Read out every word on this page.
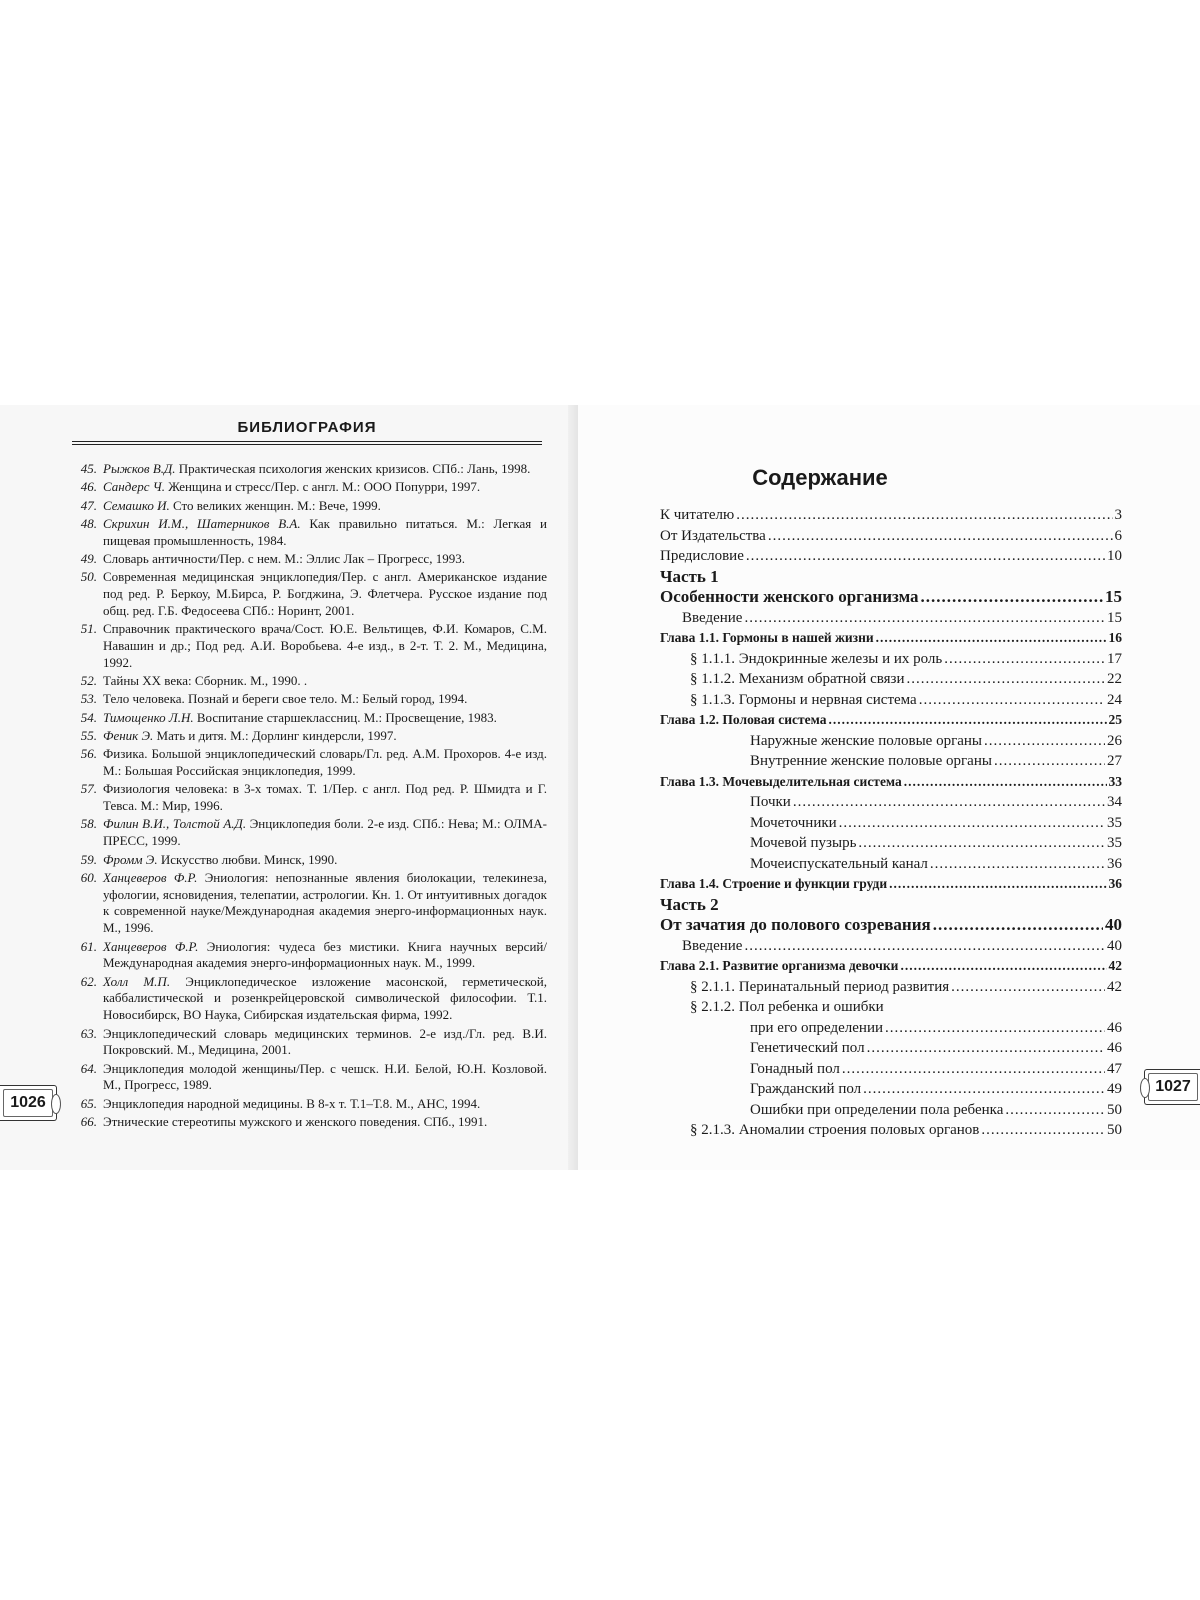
БИБЛИОГРАФИЯ
45. Рыжков В.Д. Практическая психология женских кризисов. СПб.: Лань, 1998.
46. Сандерс Ч. Женщина и стресс/Пер. с англ. М.: ООО Попурри, 1997.
47. Семашко И. Сто великих женщин. М.: Вече, 1999.
48. Скрихин И.М., Шатерников В.А. Как правильно питаться. М.: Легкая и пищевая промышленность, 1984.
49. Словарь античности/Пер. с нем. М.: Эллис Лак – Прогресс, 1993.
50. Современная медицинская энциклопедия/Пер. с англ. Американское издание под ред. Р. Беркоу, М.Бирса, Р. Богджина, Э. Флетчера. Русское издание под общ. ред. Г.Б. Федосеева СПб.: Норинт, 2001.
51. Справочник практического врача/Сост. Ю.Е. Вельтищев, Ф.И. Комаров, С.М. Навашин и др.; Под ред. А.И. Воробьева. 4-е изд., в 2-т. Т. 2. М., Медицина, 1992.
52. Тайны XX века: Сборник. М., 1990. .
53. Тело человека. Познай и береги свое тело. М.: Белый город, 1994.
54. Тимощенко Л.Н. Воспитание старшеклассниц. М.: Просвещение, 1983.
55. Феник Э. Мать и дитя. М.: Дорлинг киндерсли, 1997.
56. Физика. Большой энциклопедический словарь/Гл. ред. А.М. Прохоров. 4-е изд. М.: Большая Российская энциклопедия, 1999.
57. Физиология человека: в 3-х томах. Т. 1/Пер. с англ. Под ред. Р. Шмидта и Г. Тевса. М.: Мир, 1996.
58. Филин В.И., Толстой А.Д. Энциклопедия боли. 2-е изд. СПб.: Нева; М.: ОЛМА-ПРЕСС, 1999.
59. Фромм Э. Искусство любви. Минск, 1990.
60. Ханцеверов Ф.Р. Эниология: непознанные явления биолокации, телекинеза, уфологии, ясновидения, телепатии, астрологии. Кн. 1. От интуитивных догадок к современной науке/Международная академия энерго-информационных наук. М., 1996.
61. Ханцеверов Ф.Р. Эниология: чудеса без мистики. Книга научных версий/ Международная академия энерго-информационных наук. М., 1999.
62. Холл М.П. Энциклопедическое изложение масонской, герметической, каббалистической и розенкрейцеровской символической философии. Т.1. Новосибирск, ВО Наука, Сибирская издательская фирма, 1992.
63. Энциклопедический словарь медицинских терминов. 2-е изд./Гл. ред. В.И. Покровский. М., Медицина, 2001.
64. Энциклопедия молодой женщины/Пер. с чешск. Н.И. Белой, Ю.Н. Козловой. М., Прогресс, 1989.
65. Энциклопедия народной медицины. В 8-х т. Т.1–Т.8. М., АНС, 1994.
66. Этнические стереотипы мужского и женского поведения. СПб., 1991.
1026
Содержание
К читателю .....	3
От Издательства .....	6
Предисловие .....	10
Часть 1
Особенности женского организма .....	15
Введение .....	15
Глава 1.1. Гормоны в нашей жизни .....	16
§ 1.1.1. Эндокринные железы и их роль .....	17
§ 1.1.2. Механизм обратной связи .....	22
§ 1.1.3. Гормоны и нервная система .....	24
Глава 1.2. Половая система .....	25
Наружные женские половые органы .....	26
Внутренние женские половые органы .....	27
Глава 1.3. Мочевыделительная система .....	33
Почки .....	34
Мочеточники .....	35
Мочевой пузырь .....	35
Мочеиспускательный канал .....	36
Глава 1.4. Строение и функции груди .....	36
Часть 2
От зачатия до полового созревания .....	40
Введение .....	40
Глава 2.1. Развитие организма девочки .....	42
§ 2.1.1. Перинатальный период развития .....	42
§ 2.1.2. Пол ребенка и ошибки
при его определении .....	46
Генетический пол .....	46
Гонадный пол .....	47
Гражданский пол .....	49
Ошибки при определении пола ребенка .....	50
§ 2.1.3. Аномалии строения половых органов .....	50
1027
